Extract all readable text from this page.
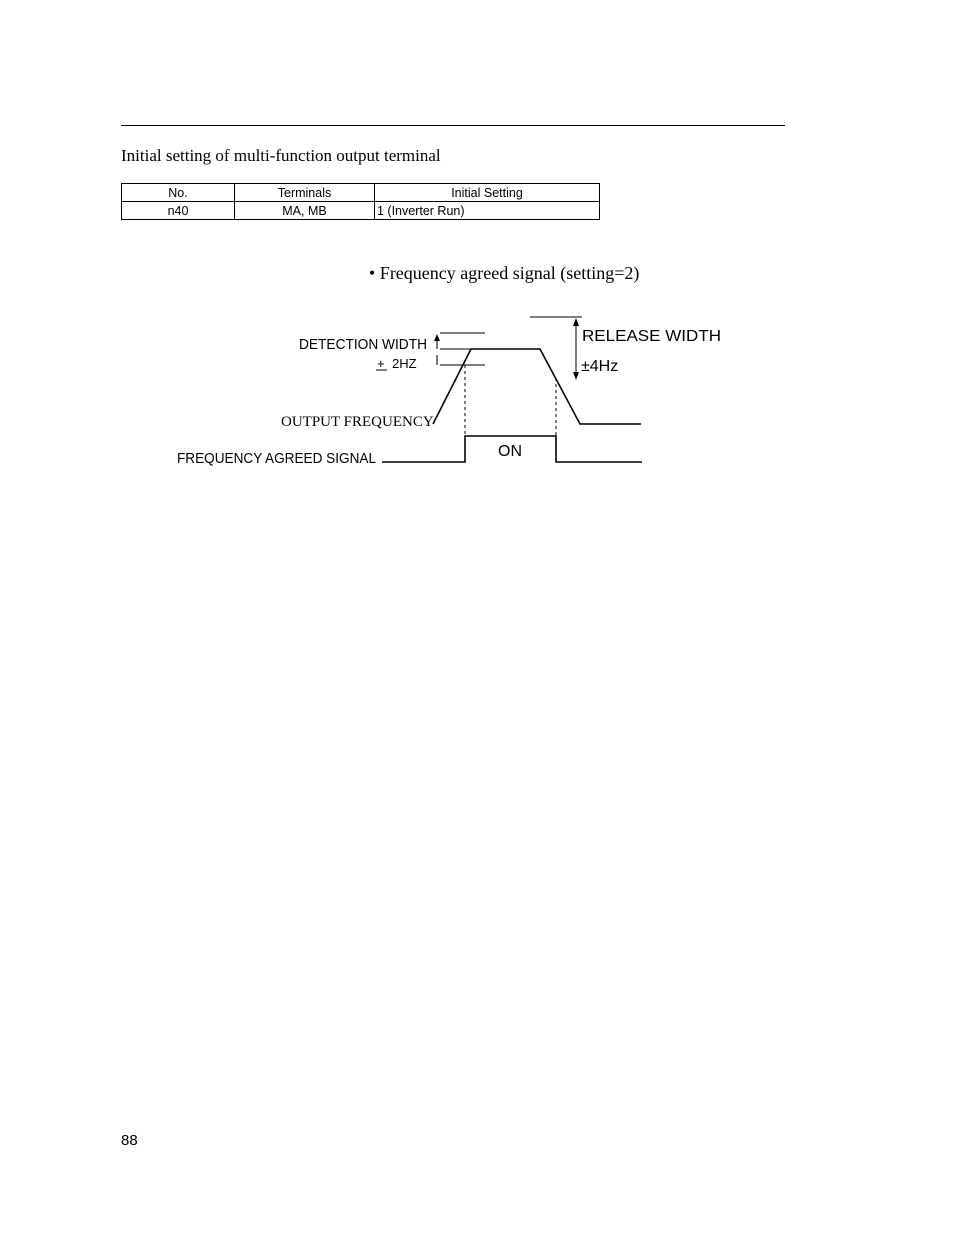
Initial setting of multi-function output terminal
No.	Terminals	Initial Setting
n40	MA, MB	1 (Inverter Run)
• Frequency agreed signal (setting=2)
DETECTION WIDTH
+ 2HZ
RELEASE WIDTH
±4Hz
OUTPUT FREQUENCY
FREQUENCY AGREED SIGNAL	ON
88
